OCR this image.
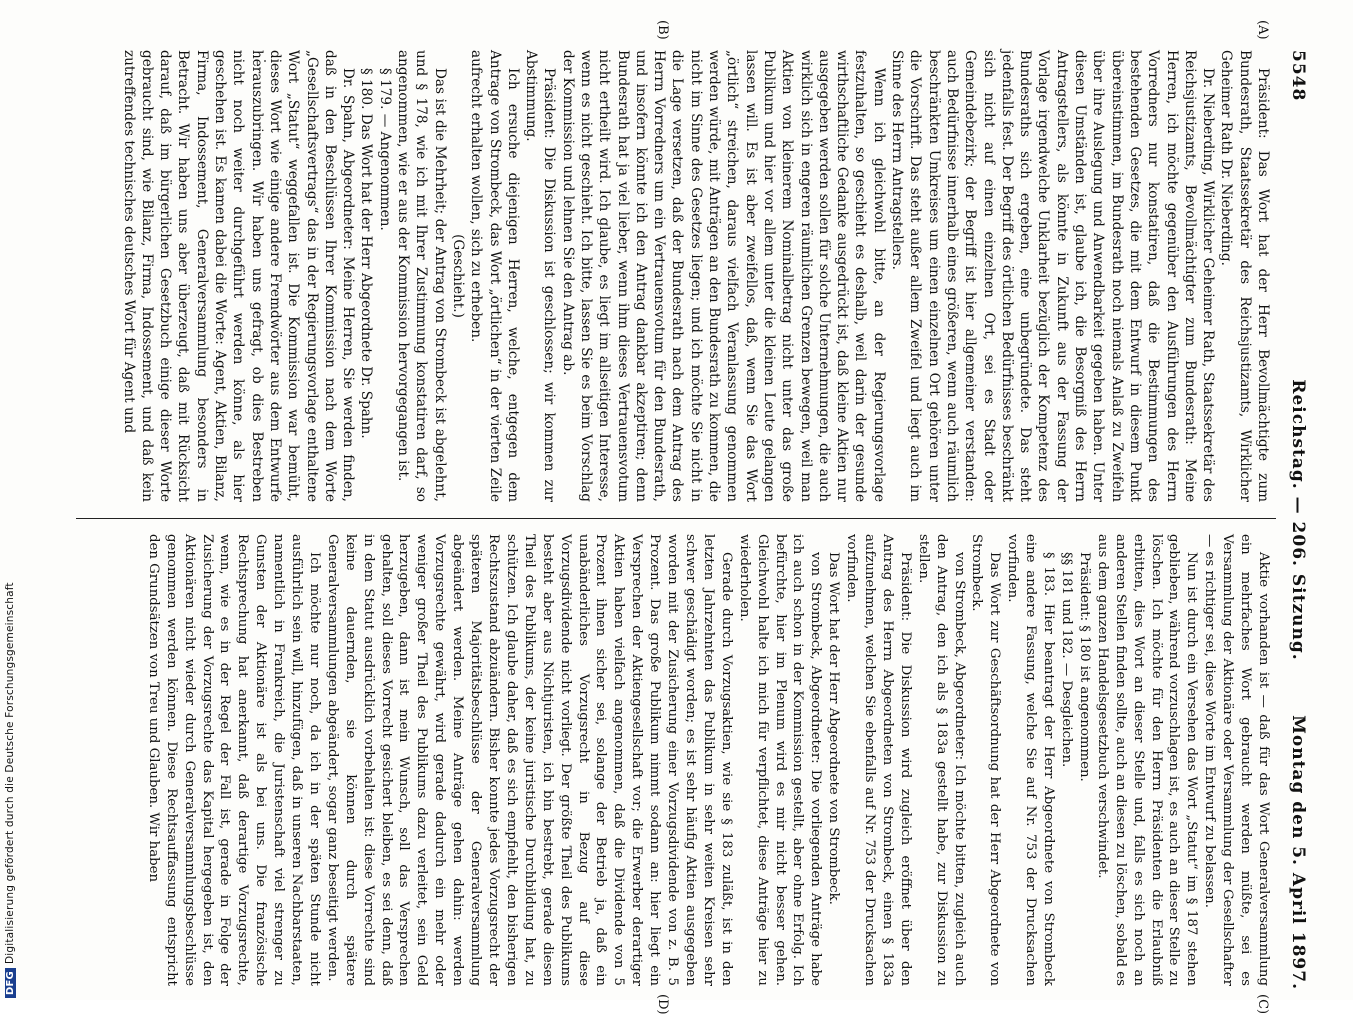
5548
Reichstag. — 206. Sitzung.
Montag den 5. April 1897.
(A)
(B)
(C)
(D)

Präsident: Das Wort hat der Herr Bevollmächtigte zum Bundesrath, Staatssekretär des Reichsjustizamts, Wirklicher Geheimer Rath Dr. Nieberding.

Dr. Nieberding, Wirklicher Geheimer Rath, Staatssekretär des Reichsjustizamts, Bevollmächtigter zum Bundesrath: Meine Herren, ich möchte gegenüber den Ausführungen des Herrn Vorredners nur konstatiren, daß die Bestimmungen des bestehenden Gesetzes, die mit dem Entwurf in diesem Punkt übereinstimmen, im Bundesrath noch niemals Anlaß zu Zweifeln über ihre Auslegung und Anwendbarkeit gegeben haben. Unter diesen Umständen ist, glaube ich, die Besorgniß des Herrn Antragstellers, als könnte in Zukunft aus der Fassung der Vorlage irgendwelche Unklarheit bezüglich der Kompetenz des Bundesraths sich ergeben, eine unbegründete. Das steht jedenfalls fest. Der Begriff des örtlichen Bedürfnisses beschränkt sich nicht auf einen einzelnen Ort, sei es Stadt oder Gemeindebezirk; der Begriff ist hier allgemeiner verstanden: auch Bedürfnisse innerhalb eines größeren, wenn auch räumlich beschränkten Umkreises um einen einzelnen Ort gehören unter die Vorschrift. Das steht außer allem Zweifel und liegt auch im Sinne des Herrn Antragstellers.

Wenn ich gleichwohl bitte, an der Regierungsvorlage festzuhalten, so geschieht es deshalb, weil darin der gesunde wirthschaftliche Gedanke ausgedrückt ist, daß kleine Aktien nur ausgegeben werden sollen für solche Unternehmungen, die auch wirklich sich in engeren räumlichen Grenzen bewegen, weil man Aktien von kleinerem Nominalbetrag nicht unter das große Publikum und hier vor allem unter die kleinen Leute gelangen lassen will. Es ist aber zweifellos, daß, wenn Sie das Wort „örtlich“ streichen, daraus vielfach Veranlassung genommen werden würde, mit Anträgen an den Bundesrath zu kommen, die nicht im Sinne des Gesetzes liegen; und ich möchte Sie nicht in die Lage versetzen, daß der Bundesrath nach dem Antrag des Herrn Vorredners um ein Vertrauensvotum für den Bundesrath, und insofern könnte ich den Antrag dankbar akzeptiren; denn Bundesrath hat ja viel lieber, wenn ihm dieses Vertrauensvotum nicht ertheilt wird. Ich glaube, es liegt im allseitigen Interesse, wenn es nicht geschieht. Ich bitte, lassen Sie es beim Vorschlag der Kommission und lehnen Sie den Antrag ab.

Präsident: Die Diskussion ist geschlossen; wir kommen zur Abstimmung.

Ich ersuche diejenigen Herren, welche, entgegen dem Antrage von Strombeck, das Wort „örtlichen“ in der vierten Zeile aufrecht erhalten wollen, sich zu erheben.

(Geschieht.)

Das ist die Mehrheit; der Antrag von Strombeck ist abgelehnt, und § 178, wie ich mit Ihrer Zustimmung konstatiren darf, so angenommen, wie er aus der Kommission hervorgegangen ist.

§ 179. — Angenommen.

§ 180. Das Wort hat der Herr Abgeordnete Dr. Spahn.

Dr. Spahn, Abgeordneter: Meine Herren, Sie werden finden, daß in den Beschlüssen Ihrer Kommission nach dem Worte „Gesellschaftsvertrags“ das in der Regierungsvorlage enthaltene Wort „Statut“ weggefallen ist. Die Kommission war bemüht, dieses Wort wie einige andere Fremdwörter aus dem Entwurfe herauszubringen. Wir haben uns gefragt, ob dies Bestreben nicht noch weiter durchgeführt werden könne, als hier geschehen ist. Es kamen dabei die Worte: Agent, Aktien, Bilanz, Firma, Indossement, Generalversammlung besonders in Betracht. Wir haben uns aber überzeugt, daß mit Rücksicht darauf, daß im bürgerlichen Gesetzbuch einige dieser Worte gebraucht sind, wie Bilanz, Firma, Indossement, und daß kein zutreffendes technisches deutsches Wort für Agent und

Aktie vorhanden ist — daß für das Wort Generalversammlung ein mehrfaches Wort gebraucht werden müßte, sei es Versammlung der Aktionäre oder Versammlung der Gesellschafter — es richtiger sei, diese Worte im Entwurf zu belassen.

Nun ist durch ein Versehen das Wort „Statut“ im § 187 stehen geblieben, während vorzuschlagen ist, es auch an dieser Stelle zu löschen. Ich möchte für den Herrn Präsidenten die Erlaubniß erbitten, dies Wort an dieser Stelle und, falls es sich noch an anderen Stellen finden sollte, auch an diesen zu löschen, sobald es aus dem ganzen Handelsgesetzbuch verschwindet.

Präsident: § 180 ist angenommen.

§§ 181 und 182. — Desgleichen.

§ 183. Hier beantragt der Herr Abgeordnete von Strombeck eine andere Fassung, welche Sie auf Nr. 753 der Drucksachen vorfinden.

Das Wort zur Geschäftsordnung hat der Herr Abgeordnete von Strombeck.

von Strombeck, Abgeordneter: Ich möchte bitten, zugleich auch den Antrag, den ich als § 183a gestellt habe, zur Diskussion zu stellen.

Präsident: Die Diskussion wird zugleich eröffnet über den Antrag des Herrn Abgeordneten von Strombeck, einen § 183a aufzunehmen, welchen Sie ebenfalls auf Nr. 753 der Drucksachen vorfinden.

Das Wort hat der Herr Abgeordnete von Strombeck.

von Strombeck, Abgeordneter: Die vorliegenden Anträge habe ich auch schon in der Kommission gestellt, aber ohne Erfolg. Ich befürchte, hier im Plenum wird es mir nicht besser gehen. Gleichwohl halte ich mich für verpflichtet, diese Anträge hier zu wiederholen.

Gerade durch Vorzugsaktien, wie sie § 183 zuläßt, ist in den letzten Jahrzehnten das Publikum in sehr weiten Kreisen sehr schwer geschädigt worden; es ist sehr häufig Aktien ausgegeben worden mit der Zusicherung einer Vorzugsdividende von z. B. 5 Prozent. Das große Publikum nimmt sodann an: hier liegt ein Versprechen der Aktiengesellschaft vor; die Erwerber derartiger Aktien haben vielfach angenommen, daß die Dividende von 5 Prozent ihnen sicher sei, solange der Betrieb ja, daß ein unabänderliches Vorzugsrecht in Bezug auf diese Vorzugsdividende nicht vorliegt. Der größte Theil des Publikums besteht aber aus Nichtjuristen, ich bin bestrebt, gerade diesen Theil des Publikums, der keine juristische Durchbildung hat, zu schützen. Ich glaube daher, daß es sich empfiehlt, den bisherigen Rechtszustand abzuändern. Bisher konnte jedes Vorzugsrecht der späteren Majoritätsbeschlüsse der Generalversammlung abgeändert werden. Meine Anträge gehen dahin: werden Vorzugsrechte gewährt, wird gerade dadurch ein mehr oder weniger großer Theil des Publikums dazu verleitet, sein Geld herzugeben, dann ist mein Wunsch, soll das Versprechen gehalten, soll dieses Vorrecht gesichert bleiben, es sei denn, daß in dem Statut ausdrücklich vorbehalten ist: diese Vorrechte sind keine dauernden, sie können durch spätere Generalversammlungen abgeändert, sogar ganz beseitigt werden.

Ich möchte nur noch, da ich in der späten Stunde nicht ausführlich sein will, hinzufügen, daß in unseren Nachbarstaaten, namentlich in Frankreich, die Juristenschaft viel strenger zu Gunsten der Aktionäre ist als bei uns. Die französische Rechtsprechung hat anerkannt, daß derartige Vorzugsrechte, wenn, wie es in der Regel der Fall ist, gerade in Folge der Zusicherung der Vorzugsrechte das Kapital hergegeben ist, den Aktionären nicht wieder durch Generalversammlungsbeschlüsse genommen werden können. Diese Rechtsauffassung entspricht den Grundsätzen von Treu und Glauben. Wir haben

DFGDigitalisierung gefördert durch die Deutsche Forschungsgemeinschaft
